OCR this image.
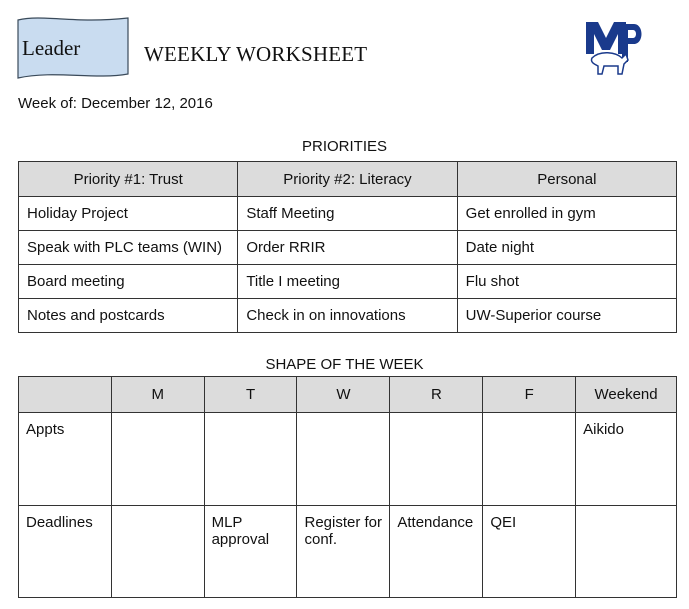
Leader	WEEKLY WORKSHEET
Week of: December 12, 2016
PRIORITIES
Priority #1: Trust	Priority #2: Literacy	Personal
Holiday Project	Staff Meeting	Get enrolled in gym
Speak with PLC teams (WIN)	Order RRIR	Date night
Board meeting	Title I meeting	Flu shot
Notes and postcards	Check in on innovations	UW-Superior course
SHAPE OF THE WEEK
	M	T	W	R	F	Weekend
Appts						Aikido
Deadlines		MLP approval	Register for conf.	Attendance	QEI	
